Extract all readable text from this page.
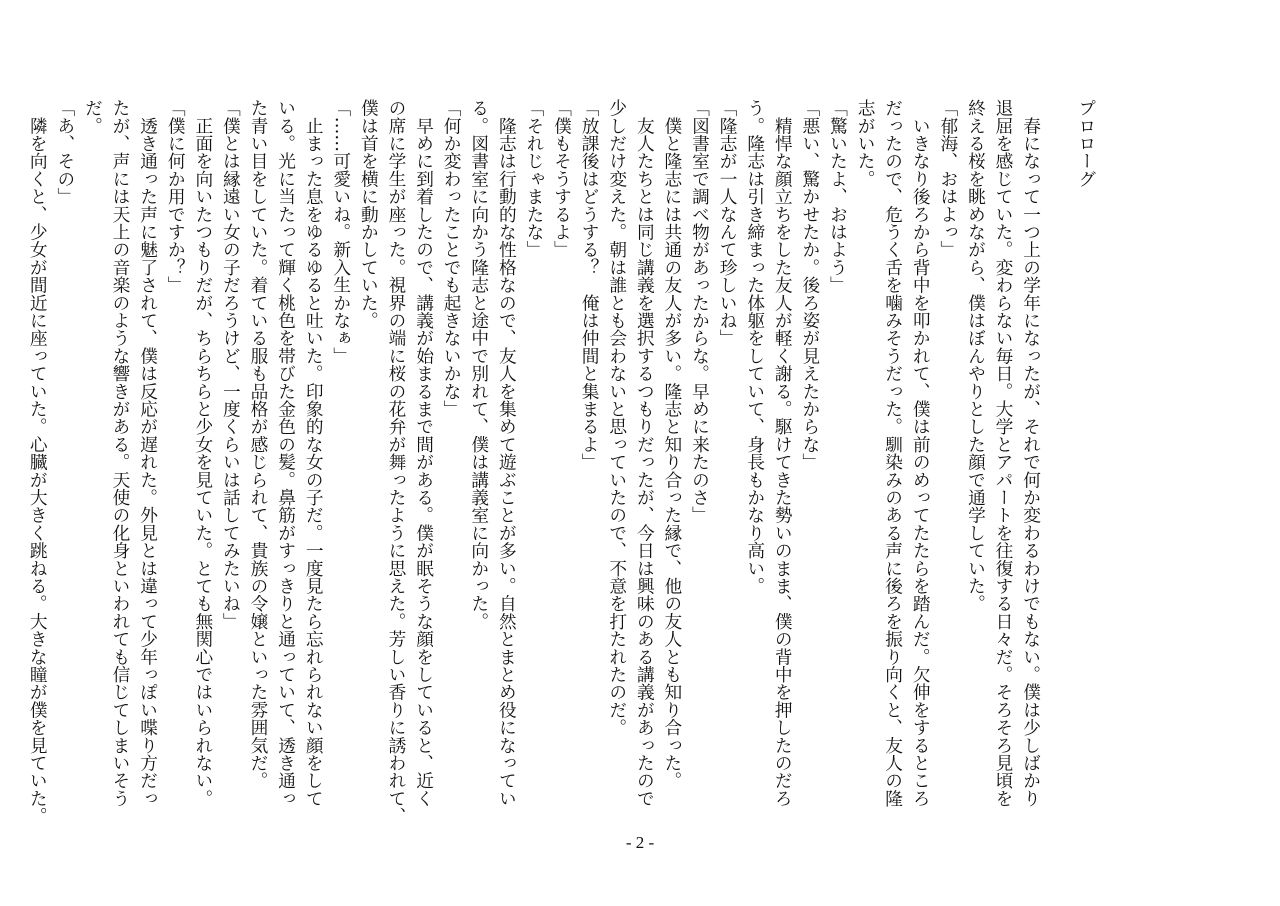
プロローグ

　春になって一つ上の学年になったが、それで何か変わるわけでもない。僕は少しばかり
退屈を感じていた。変わらない毎日。大学とアパートを往復する日々だ。そろそろ見頃を
終える桜を眺めながら、僕はぼんやりとした顔で通学していた。
「郁海、おはよっ」
　いきなり後ろから背中を叩かれて、僕は前のめってたたらを踏んだ。欠伸をするところ
だったので、危うく舌を噛みそうだった。馴染みのある声に後ろを振り向くと、友人の隆
志がいた。
「驚いたよ、おはよう」
「悪い、驚かせたか。後ろ姿が見えたからな」
　精悍な顔立ちをした友人が軽く謝る。駆けてきた勢いのまま、僕の背中を押したのだろ
う。隆志は引き締まった体躯をしていて、身長もかなり高い。
「隆志が一人なんて珍しいね」
「図書室で調べ物があったからな。早めに来たのさ」
　僕と隆志には共通の友人が多い。隆志と知り合った縁で、他の友人とも知り合った。
　友人たちとは同じ講義を選択するつもりだったが、今日は興味のある講義があったので
少しだけ変えた。朝は誰とも会わないと思っていたので、不意を打たれたのだ。
「放課後はどうする？　俺は仲間と集まるよ」
「僕もそうするよ」
「それじゃまたな」
　隆志は行動的な性格なので、友人を集めて遊ぶことが多い。自然とまとめ役になってい
る。図書室に向かう隆志と途中で別れて、僕は講義室に向かった。
「何か変わったことでも起きないかな」
　早めに到着したので、講義が始まるまで間がある。僕が眠そうな顔をしていると、近く
の席に学生が座った。視界の端に桜の花弁が舞ったように思えた。芳しい香りに誘われて、
僕は首を横に動かしていた。
「……可愛いね。新入生かなぁ」
　止まった息をゆるゆると吐いた。印象的な女の子だ。一度見たら忘れられない顔をして
いる。光に当たって輝く桃色を帯びた金色の髪。鼻筋がすっきりと通っていて、透き通っ
た青い目をしていた。着ている服も品格が感じられて、貴族の令嬢といった雰囲気だ。
「僕とは縁遠い女の子だろうけど、一度くらいは話してみたいね」
　正面を向いたつもりだが、ちらちらと少女を見ていた。とても無関心ではいられない。
「僕に何か用ですか？」
　透き通った声に魅了されて、僕は反応が遅れた。外見とは違って少年っぽい喋り方だっ
たが、声には天上の音楽のような響きがある。天使の化身といわれても信じてしまいそう
だ。
「あ、その」
　隣を向くと、少女が間近に座っていた。心臓が大きく跳ねる。大きな瞳が僕を見ていた。
- 2 -
